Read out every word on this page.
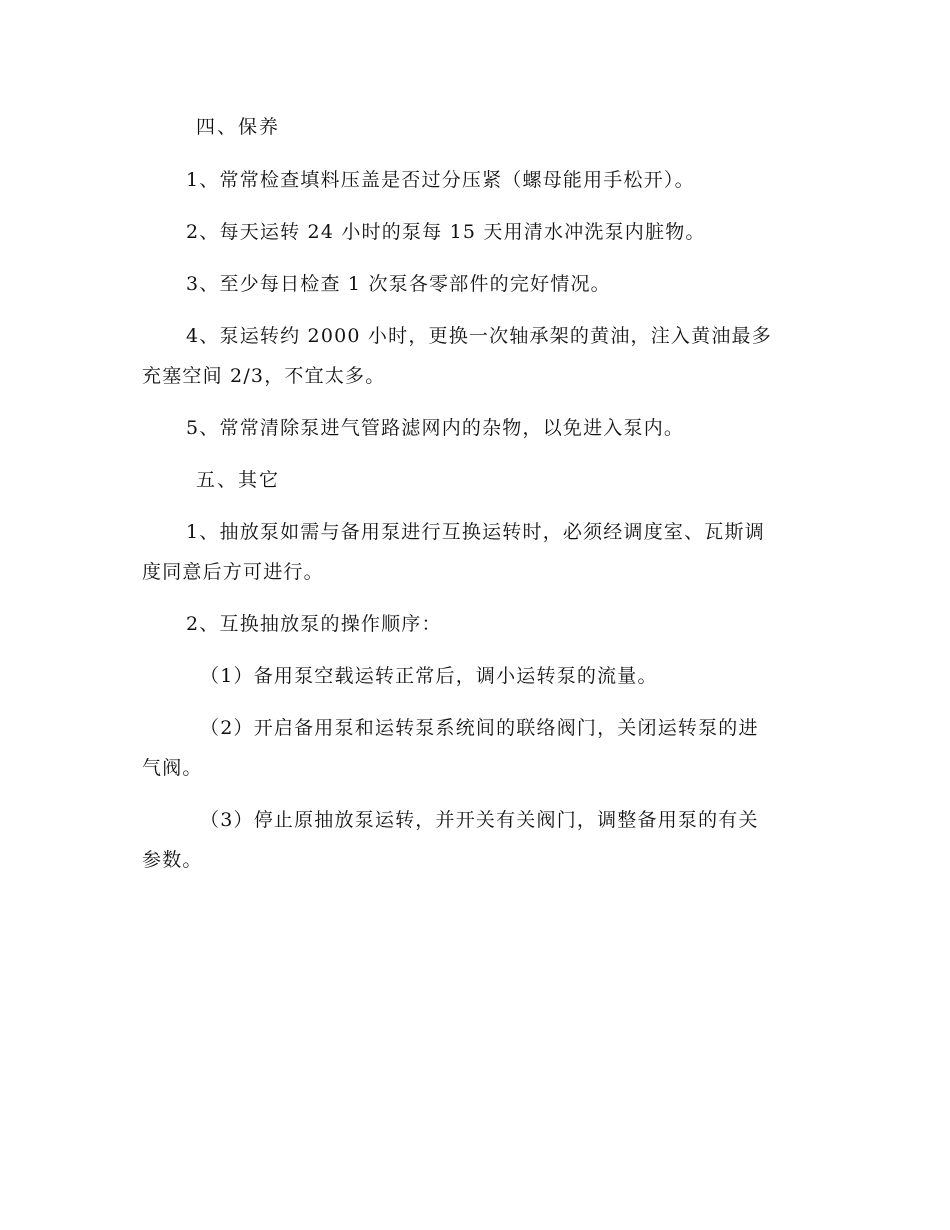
四、保养
1、常常检查填料压盖是否过分压紧（螺母能用手松开）。
2、每天运转 24 小时的泵每 15 天用清水冲洗泵内脏物。
3、至少每日检查 1 次泵各零部件的完好情况。
4、泵运转约 2000 小时，更换一次轴承架的黄油，注入黄油最多
充塞空间 2/3，不宜太多。
5、常常清除泵进气管路滤网内的杂物，以免进入泵内。
五、其它
1、抽放泵如需与备用泵进行互换运转时，必须经调度室、瓦斯调
度同意后方可进行。
2、互换抽放泵的操作顺序：
（1）备用泵空载运转正常后，调小运转泵的流量。
（2）开启备用泵和运转泵系统间的联络阀门，关闭运转泵的进
气阀。
（3）停止原抽放泵运转，并开关有关阀门，调整备用泵的有关
参数。
